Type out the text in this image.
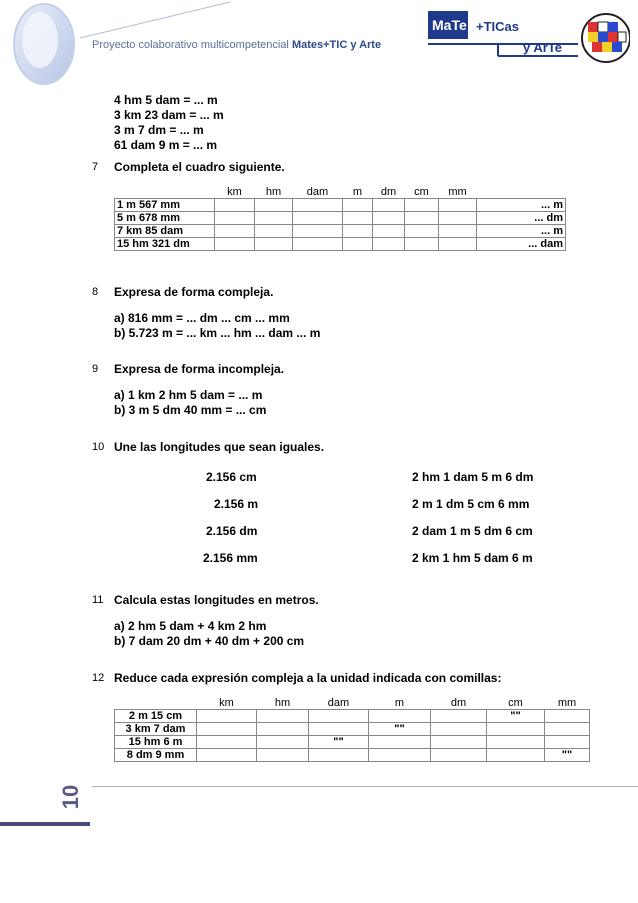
Proyecto colaborativo multicompetencial Mates+TIC y Arte
MaTe +TICas
y ArTe
4 hm 5 dam = ... m
3 km 23 dam = ... m
3 m 7 dm = ... m
61 dam 9 m = ... m
7 Completa el cuadro siguiente.
	km	hm	dam	m	dm	cm	mm	
1 m 567 mm								... m
5 m 678 mm								... dm
7 km 85 dam								... m
15 hm 321 dm								... dam
8 Expresa de forma compleja.
a) 816 mm = ... dm ... cm ... mm
b) 5.723 m = ... km ... hm ... dam ... m
9 Expresa de forma incompleja.
a) 1 km 2 hm 5 dam = ... m
b) 3 m 5 dm 40 mm = ... cm
10 Une las longitudes que sean iguales.
2.156 cm
2.156 m
2.156 dm
2.156 mm
2 hm 1 dam 5 m 6 dm
2 m 1 dm 5 cm 6 mm
2 dam 1 m 5 dm 6 cm
2 km 1 hm 5 dam 6 m
11 Calcula estas longitudes en metros.
a) 2 hm 5 dam + 4 km 2 hm
b) 7 dam 20 dm + 40 dm + 200 cm
12 Reduce cada expresión compleja a la unidad indicada con comillas:
	km	hm	dam	m	dm	cm	mm
2 m 15 cm						""	
3 km 7 dam				""			
15 hm 6 m			""				
8 dm 9 mm							""
10
